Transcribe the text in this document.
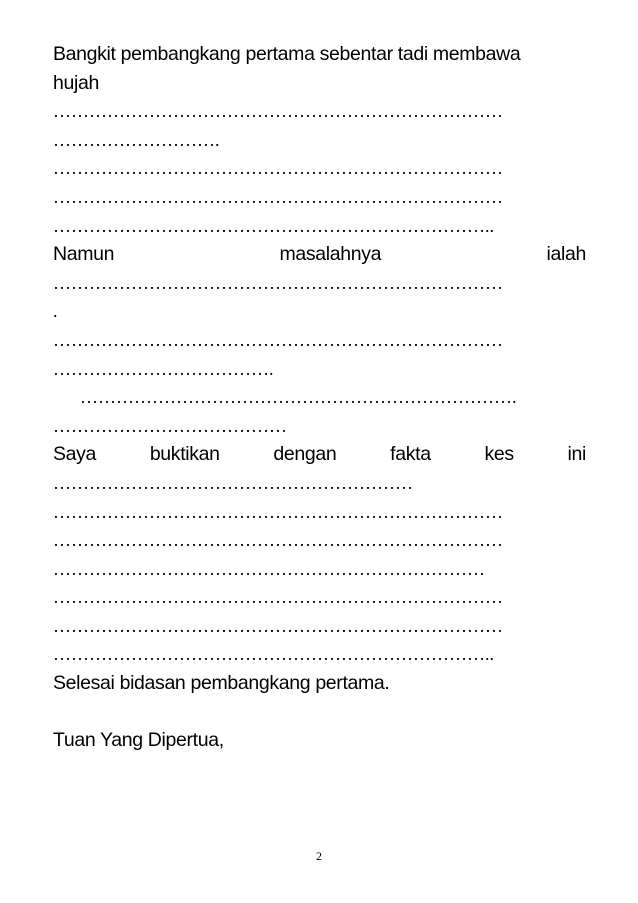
Bangkit pembangkang pertama sebentar tadi membawa
hujah
…………………………………………………………………
……………………….
…………………………………………………………………
…………………………………………………………………
………………………………………………………………..
Namun	masalahnya	ialah
…………………………………………………………………
.
…………………………………………………………………
……………………………….
……………………………………………………………….
…………………………………
Saya	buktikan	dengan	fakta	kes	ini
……………………………………………………
…………………………………………………………………
…………………………………………………………………
………………………………………………………………
…………………………………………………………………
…………………………………………………………………
………………………………………………………………..
Selesai bidasan pembangkang pertama.
Tuan Yang Dipertua,
2
